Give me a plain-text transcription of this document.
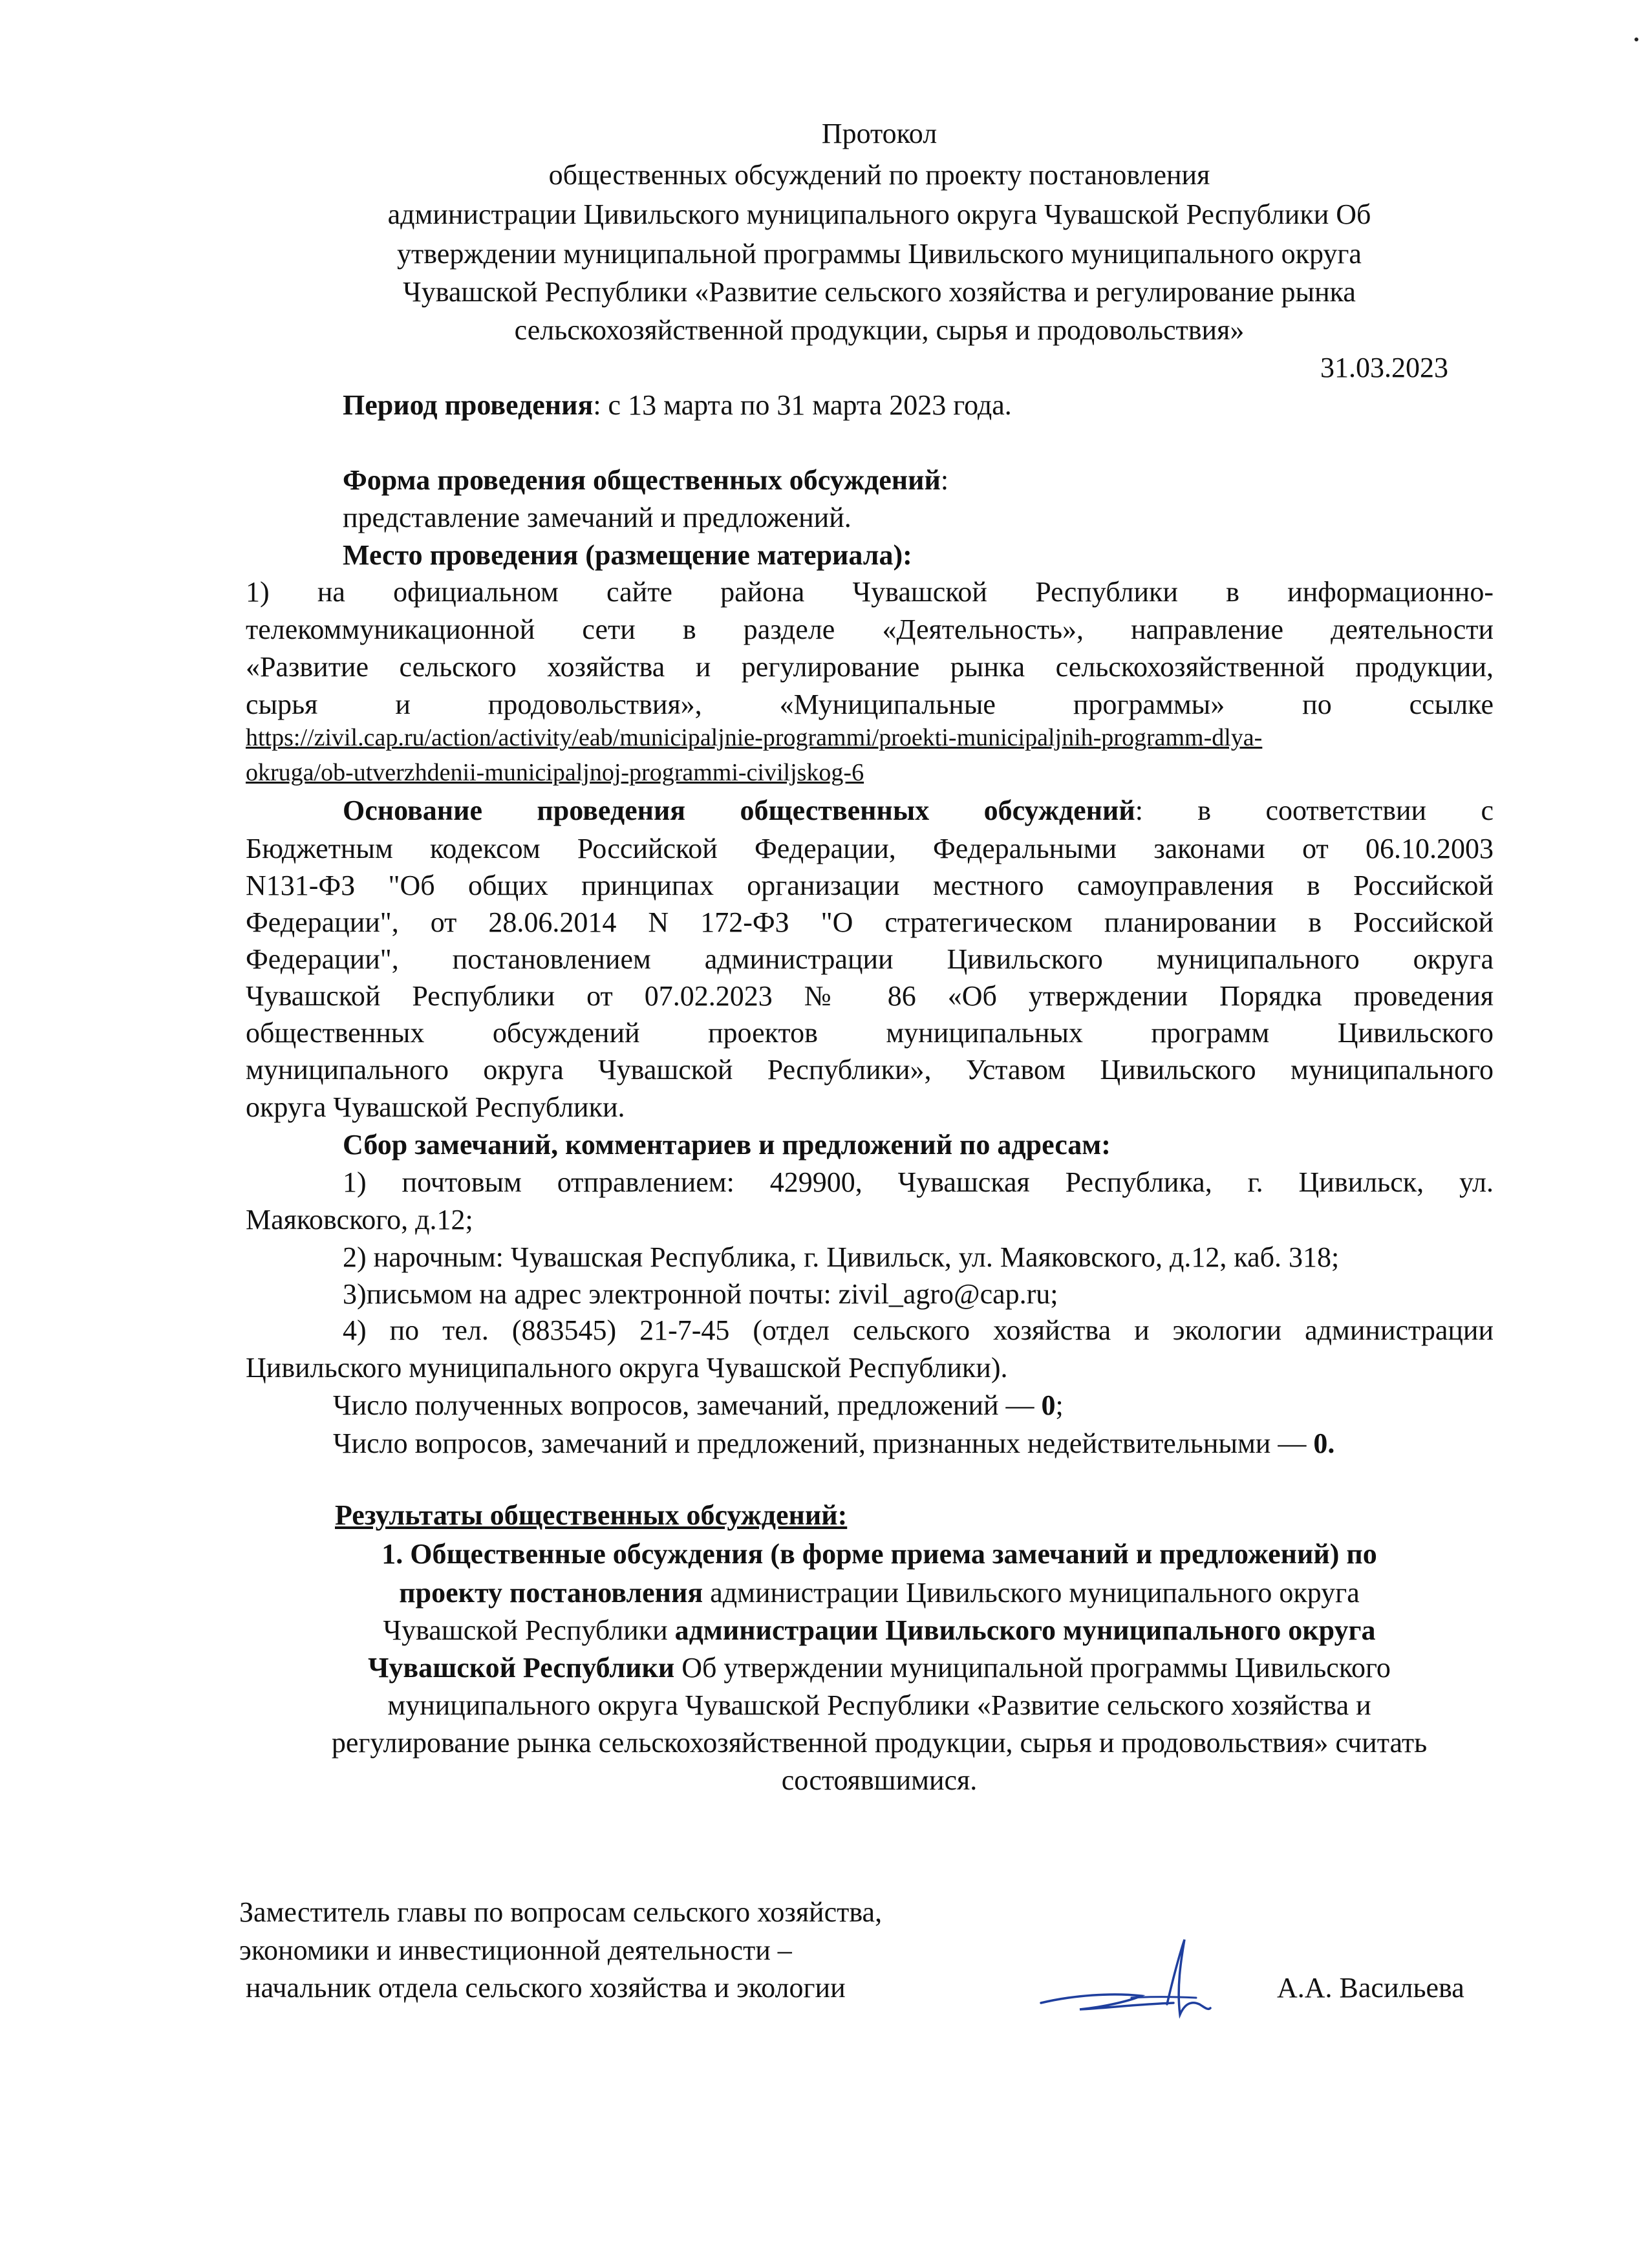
Протокол
общественных обсуждений по проекту постановления
администрации Цивильского муниципального округа Чувашской Республики Об
утверждении муниципальной программы Цивильского муниципального округа
Чувашской Республики «Развитие сельского хозяйства и регулирование рынка
сельскохозяйственной продукции, сырья и продовольствия»
31.03.2023
Период проведения: с 13 марта по 31 марта 2023 года.
Форма проведения общественных обсуждений:
представление замечаний и предложений.
Место проведения (размещение материала):
1) на официальном сайте района Чувашской Республики в информационно-
телекоммуникационной сети в разделе «Деятельность», направление деятельности
«Развитие сельского хозяйства и регулирование рынка сельскохозяйственной продукции,
сырья и продовольствия», «Муниципальные программы» по ссылке
https://zivil.cap.ru/action/activity/eab/municipaljnie-programmi/proekti-municipaljnih-programm-dlya-
okruga/ob-utverzhdenii-municipaljnoj-programmi-civiljskog-6
Основание проведения общественных обсуждений: в соответствии с
Бюджетным кодексом Российской Федерации, Федеральными законами от 06.10.2003
N131-ФЗ "Об общих принципах организации местного самоуправления в Российской
Федерации", от 28.06.2014 N 172-ФЗ "О стратегическом планировании в Российской
Федерации", постановлением администрации Цивильского муниципального округа
Чувашской Республики от 07.02.2023 № 86 «Об утверждении Порядка проведения
общественных обсуждений проектов муниципальных программ Цивильского
муниципального округа Чувашской Республики», Уставом Цивильского муниципального
округа Чувашской Республики.
Сбор замечаний, комментариев и предложений по адресам:
1) почтовым отправлением: 429900, Чувашская Республика, г. Цивильск, ул.
Маяковского, д.12;
2) нарочным: Чувашская Республика, г. Цивильск, ул. Маяковского, д.12, каб. 318;
3)письмом на адрес электронной почты: zivil_agro@cap.ru;
4) по тел. (883545) 21-7-45 (отдел сельского хозяйства и экологии администрации
Цивильского муниципального округа Чувашской Республики).
Число полученных вопросов, замечаний, предложений — 0;
Число вопросов, замечаний и предложений, признанных недействительными — 0.
Результаты общественных обсуждений:
1. Общественные обсуждения (в форме приема замечаний и предложений) по
проекту постановления администрации Цивильского муниципального округа
Чувашской Республики администрации Цивильского муниципального округа
Чувашской Республики Об утверждении муниципальной программы Цивильского
муниципального округа Чувашской Республики «Развитие сельского хозяйства и
регулирование рынка сельскохозяйственной продукции, сырья и продовольствия» считать
состоявшимися.
Заместитель главы по вопросам сельского хозяйства,
экономики и инвестиционной деятельности –
начальник отдела сельского хозяйства и экологии	А.А. Васильева
